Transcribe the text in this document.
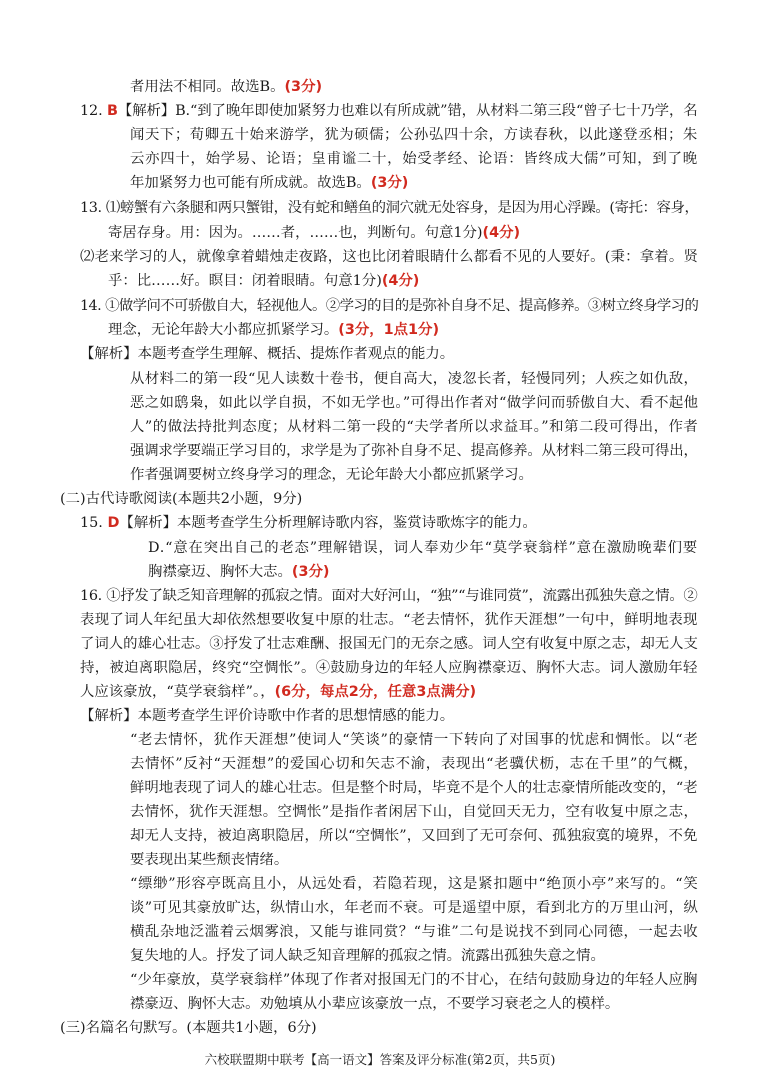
者用法不相同。故选B。(3分)
12. B【解析】B.“到了晚年即使加紧努力也难以有所成就”错，从材料二第三段“曾子七十乃学，名
闻天下；荀卿五十始来游学，犹为硕儒；公孙弘四十余，方读春秋，以此遂登丞相；朱
云亦四十，始学易、论语；皇甫谧二十，始受孝经、论语：皆终成大儒”可知，到了晚
年加紧努力也可能有所成就。故选B。(3分)
13. ⑴螃蟹有六条腿和两只蟹钳，没有蛇和鳝鱼的洞穴就无处容身，是因为用心浮躁。(寄托：容身，
寄居存身。用：因为。……者，……也，判断句。句意1分)(4分)
⑵老来学习的人，就像拿着蜡烛走夜路，这也比闭着眼睛什么都看不见的人要好。(秉：拿着。贤
乎：比……好。瞑目：闭着眼睛。句意1分)(4分)
14. ①做学问不可骄傲自大，轻视他人。②学习的目的是弥补自身不足、提高修养。③树立终身学习的
理念，无论年龄大小都应抓紧学习。(3分，1点1分)
【解析】本题考查学生理解、概括、提炼作者观点的能力。
从材料二的第一段“见人读数十卷书，便自高大，凌忽长者，轻慢同列；人疾之如仇敌，
恶之如鸱枭，如此以学自损，不如无学也。”可得出作者对“做学问而骄傲自大、看不起他
人”的做法持批判态度；从材料二第一段的“夫学者所以求益耳。”和第二段可得出，作者
强调求学要端正学习目的，求学是为了弥补自身不足、提高修养。从材料二第三段可得出，
作者强调要树立终身学习的理念，无论年龄大小都应抓紧学习。
(二)古代诗歌阅读(本题共2小题，9分)
15. D【解析】本题考查学生分析理解诗歌内容，鉴赏诗歌炼字的能力。
D.“意在突出自己的老态”理解错误，词人奉劝少年“莫学衰翁样”意在激励晚辈们要
胸襟豪迈、胸怀大志。(3分)
16. ①抒发了缺乏知音理解的孤寂之情。面对大好河山，“独”“与谁同赏”，流露出孤独失意之情。②
表现了词人年纪虽大却依然想要收复中原的壮志。“老去情怀，犹作天涯想”一句中，鲜明地表现
了词人的雄心壮志。③抒发了壮志难酬、报国无门的无奈之感。词人空有收复中原之志，却无人支
持，被迫离职隐居，终究“空惆怅”。④鼓励身边的年轻人应胸襟豪迈、胸怀大志。词人激励年轻
人应该豪放，“莫学衰翁样”。，(6分，每点2分，任意3点满分)
【解析】本题考查学生评价诗歌中作者的思想情感的能力。
“老去情怀，犹作天涯想”使词人“笑谈”的豪情一下转向了对国事的忧虑和惆怅。以“老
去情怀”反衬“天涯想”的爱国心切和矢志不渝，表现出“老骥伏枥，志在千里”的气概，
鲜明地表现了词人的雄心壮志。但是整个时局，毕竟不是个人的壮志豪情所能改变的，“老
去情怀，犹作天涯想。空惆怅”是指作者闲居下山，自觉回天无力，空有收复中原之志，
却无人支持，被迫离职隐居，所以“空惆怅”，又回到了无可奈何、孤独寂寞的境界，不免
要表现出某些颓丧情绪。
“缥缈”形容亭既高且小，从远处看，若隐若现，这是紧扣题中“绝顶小亭”来写的。“笑
谈”可见其豪放旷达，纵情山水，年老而不衰。可是遥望中原，看到北方的万里山河，纵
横乱杂地泛滥着云烟雾浪，又能与谁同赏？“与谁”二句是说找不到同心同德，一起去收
复失地的人。抒发了词人缺乏知音理解的孤寂之情。流露出孤独失意之情。
“少年豪放，莫学衰翁样”体现了作者对报国无门的不甘心，在结句鼓励身边的年轻人应胸
襟豪迈、胸怀大志。劝勉填从小辈应该豪放一点，不要学习衰老之人的模样。
(三)名篇名句默写。(本题共1小题，6分)
六校联盟期中联考【高一语文】答案及评分标准(第2页，共5页)
